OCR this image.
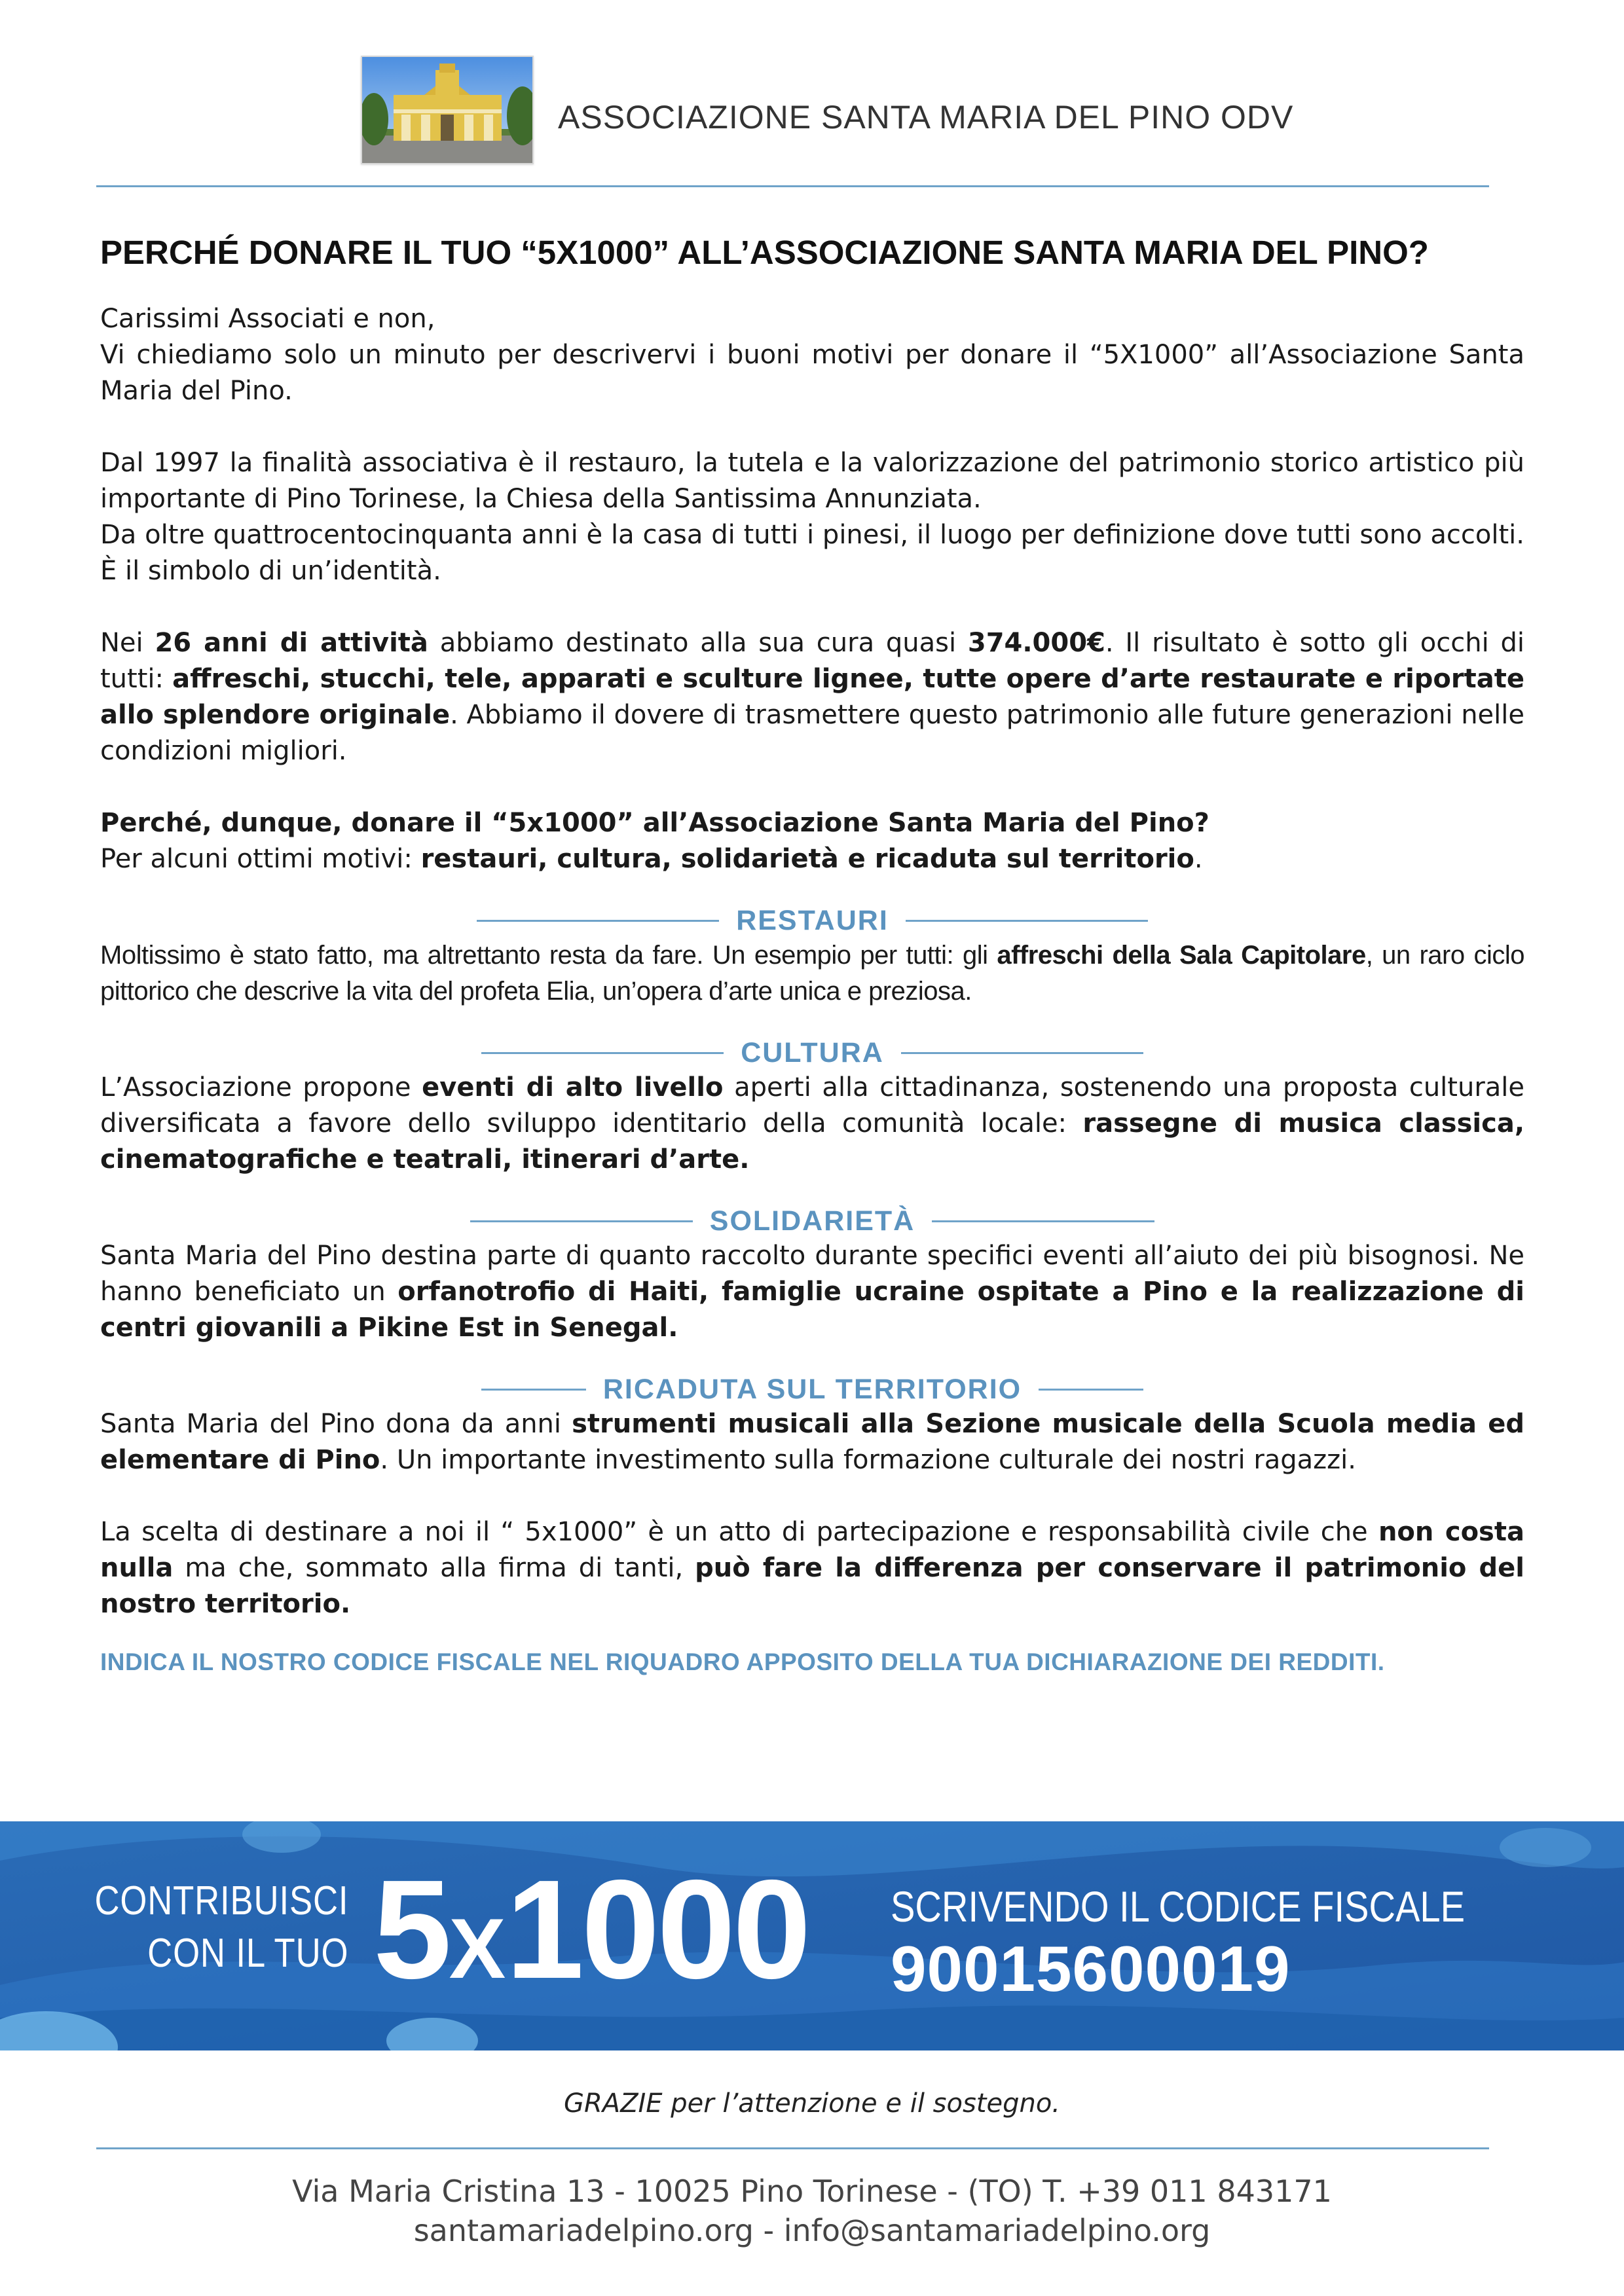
ASSOCIAZIONE SANTA MARIA DEL PINO ODV
PERCHÉ DONARE IL TUO “5X1000” ALL’ASSOCIAZIONE SANTA MARIA DEL PINO?

Carissimi Associati e non,

Vi chiediamo solo un minuto per descrivervi i buoni motivi per donare il “5X1000” all’Associazione Santa Maria del Pino.

Dal 1997 la finalità associativa è il restauro, la tutela e la valorizzazione del patrimonio storico artistico più importante di Pino Torinese, la Chiesa della Santissima Annunziata.

Da oltre quattrocentocinquanta anni è la casa di tutti i pinesi, il luogo per definizione dove tutti sono accolti. È il simbolo di un’identità.

Nei 26 anni di attività abbiamo destinato alla sua cura quasi 374.000€. Il risultato è sotto gli occhi di tutti: affreschi, stucchi, tele, apparati e sculture lignee, tutte opere d’arte restaurate e riportate allo splendore originale. Abbiamo il dovere di trasmettere questo patrimonio alle future generazioni nelle condizioni migliori.

Perché, dunque, donare il “5x1000” all’Associazione Santa Maria del Pino?

Per alcuni ottimi motivi: restauri, cultura, solidarietà e ricaduta sul territorio.

RESTAURI

Moltissimo è stato fatto, ma altrettanto resta da fare. Un esempio per tutti: gli affreschi della Sala Capitolare, un raro ciclo pittorico che descrive la vita del profeta Elia, un’opera d’arte unica e preziosa.

CULTURA

L’Associazione propone eventi di alto livello aperti alla cittadinanza, sostenendo una proposta culturale diversificata a favore dello sviluppo identitario della comunità locale: rassegne di musica classica, cinematografiche e teatrali, itinerari d’arte.

SOLIDARIETÀ

Santa Maria del Pino destina parte di quanto raccolto durante specifici eventi all’aiuto dei più bisognosi. Ne hanno beneficiato un orfanotrofio di Haiti, famiglie ucraine ospitate a Pino e la realizzazione di centri giovanili a Pikine Est in Senegal.

RICADUTA SUL TERRITORIO

Santa Maria del Pino dona da anni strumenti musicali alla Sezione musicale della Scuola media ed elementare di Pino. Un importante investimento sulla formazione culturale dei nostri ragazzi.

La scelta di destinare a noi il “ 5x1000” è un atto di partecipazione e responsabilità civile che non costa nulla ma che, sommato alla firma di tanti, può fare la differenza per conservare il patrimonio del nostro territorio.

INDICA IL NOSTRO CODICE FISCALE NEL RIQUADRO APPOSITO DELLA TUA DICHIARAZIONE DEI REDDITI.
CONTRIBUISCI
CON IL TUO 5X1000 SCRIVENDO IL CODICE FISCALE
90015600019
GRAZIE per l’attenzione e il sostegno.
Via Maria Cristina 13 - 10025 Pino Torinese - (TO) T. +39 011 843171
santamariadelpino.org - info@santamariadelpino.org
